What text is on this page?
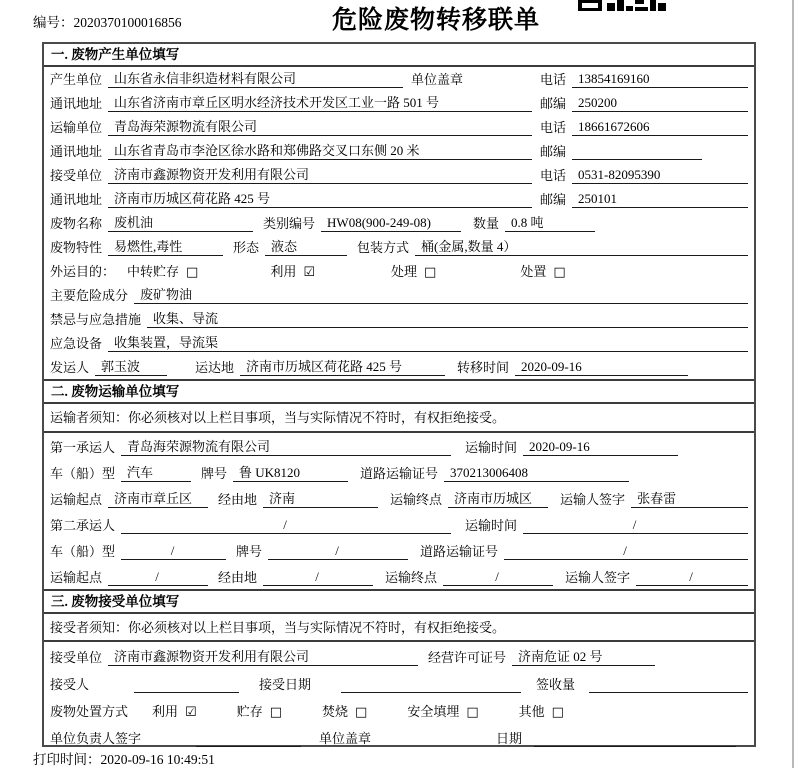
编号：2020370100016856	危险废物转移联单
一. 废物产生单位填写
产生单位 山东省永信非织造材料有限公司	单位盖章	电话 13854169160
通讯地址 山东省济南市章丘区明水经济技术开发区工业一路 501 号	邮编 250200
运输单位 青岛海荣源物流有限公司	电话 18661672606
通讯地址 山东省青岛市李沧区徐水路和郑佛路交叉口东侧 20 米	邮编
接受单位 济南市鑫源物资开发利用有限公司	电话 0531-82095390
通讯地址 济南市历城区荷花路 425 号	邮编 250101
废物名称 废机油	类别编号 HW08(900-249-08)	数量 0.8 吨
废物特性 易燃性,毒性	形态 液态	包装方式 桶(金属,数量 4）
外运目的： 中转贮存 □	利用 ☑	处理 □	处置 □
主要危险成分 废矿物油
禁忌与应急措施 收集、导流
应急设备 收集装置，导流渠
发运人 郭玉波	运达地 济南市历城区荷花路 425 号	转移时间 2020-09-16
二. 废物运输单位填写
运输者须知：你必须核对以上栏目事项，当与实际情况不符时，有权拒绝接受。
第一承运人 青岛海荣源物流有限公司	运输时间 2020-09-16
车（船）型 汽车	牌号 鲁 UK8120	道路运输证号 370213006408
运输起点 济南市章丘区	经由地 济南	运输终点 济南市历城区	运输人签字 张春雷
第二承运人	/	运输时间	/
车（船）型	/	牌号	/	道路运输证号	/
运输起点	/	经由地	/	运输终点	/	运输人签字	/
三. 废物接受单位填写
接受者须知：你必须核对以上栏目事项，当与实际情况不符时，有权拒绝接受。
接受单位 济南市鑫源物资开发利用有限公司	经营许可证号 济南危证 02 号
接受人	接受日期	签收量
废物处置方式 利用 ☑	贮存 □	焚烧 □	安全填埋 □	其他 □
单位负责人签字	单位盖章	日期
打印时间：2020-09-16 10:49:51
